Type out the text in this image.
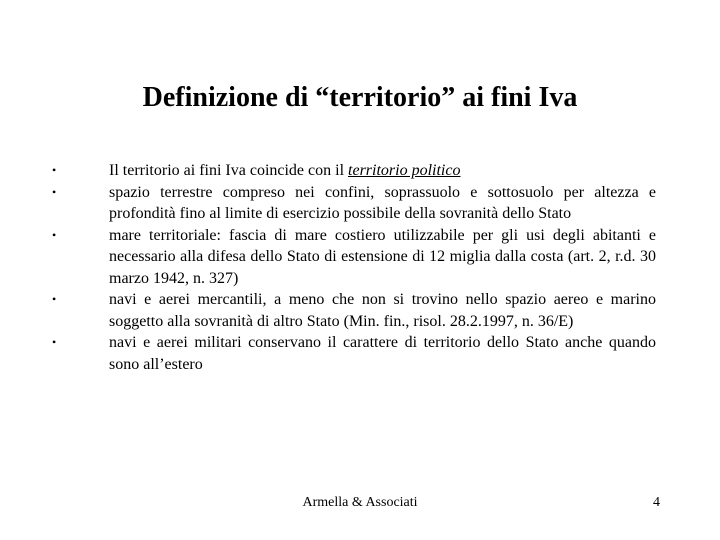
Definizione di “territorio” ai fini Iva
•	Il territorio ai fini Iva coincide con il territorio politico
•	spazio terrestre compreso nei confini, soprassuolo e sottosuolo per altezza e profondità fino al limite di esercizio possibile della sovranità dello Stato
•	mare territoriale: fascia di mare costiero utilizzabile per gli usi degli abitanti e necessario alla difesa dello Stato di estensione di 12 miglia dalla costa (art. 2, r.d. 30 marzo 1942, n. 327)
•	navi e aerei mercantili, a meno che non si trovino nello spazio aereo e marino soggetto alla sovranità di altro Stato (Min. fin., risol. 28.2.1997, n. 36/E)
•	navi e aerei militari conservano il carattere di territorio dello Stato anche quando sono all’estero
Armella & Associati	4
